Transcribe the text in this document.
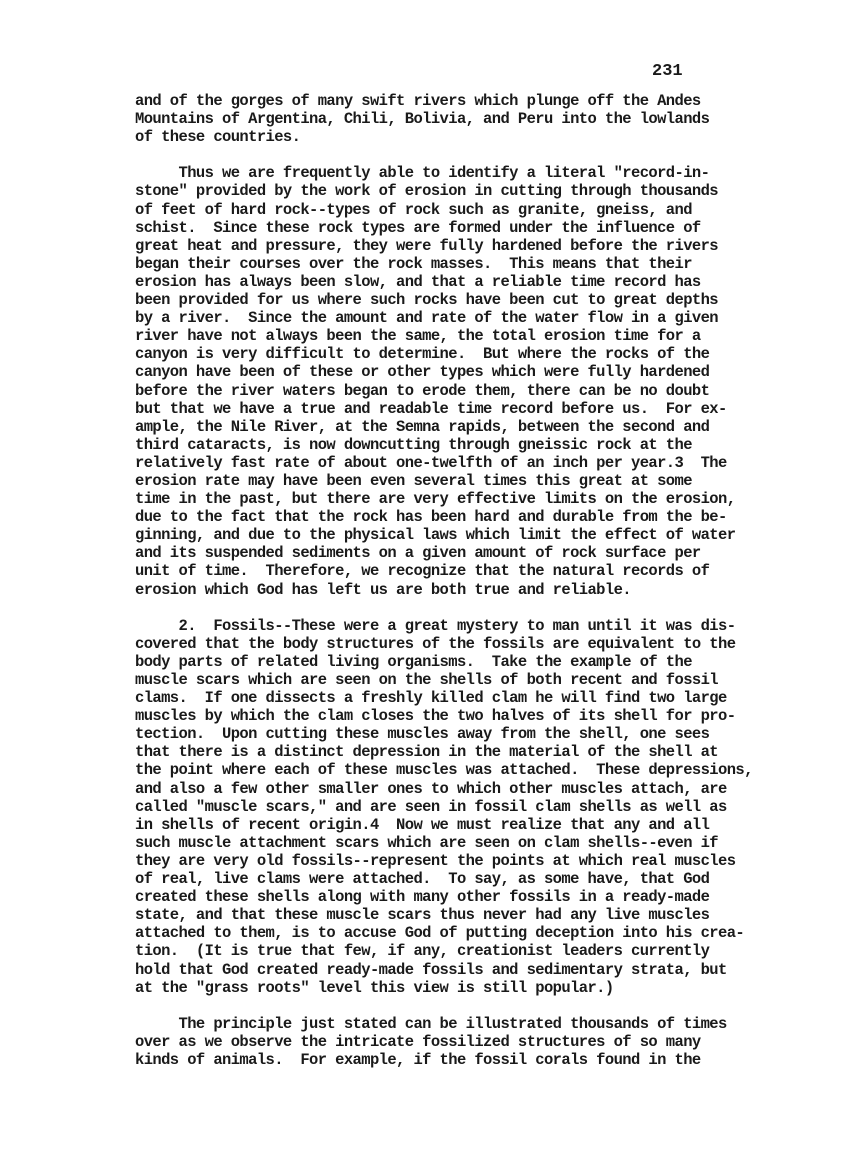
231
and of the gorges of many swift rivers which plunge off the Andes
Mountains of Argentina, Chili, Bolivia, and Peru into the lowlands
of these countries.
Thus we are frequently able to identify a literal "record-in-
stone" provided by the work of erosion in cutting through thousands
of feet of hard rock--types of rock such as granite, gneiss, and
schist.  Since these rock types are formed under the influence of
great heat and pressure, they were fully hardened before the rivers
began their courses over the rock masses.  This means that their
erosion has always been slow, and that a reliable time record has
been provided for us where such rocks have been cut to great depths
by a river.  Since the amount and rate of the water flow in a given
river have not always been the same, the total erosion time for a
canyon is very difficult to determine.  But where the rocks of the
canyon have been of these or other types which were fully hardened
before the river waters began to erode them, there can be no doubt
but that we have a true and readable time record before us.  For ex-
ample, the Nile River, at the Semna rapids, between the second and
third cataracts, is now downcutting through gneissic rock at the
relatively fast rate of about one-twelfth of an inch per year.3  The
erosion rate may have been even several times this great at some
time in the past, but there are very effective limits on the erosion,
due to the fact that the rock has been hard and durable from the be-
ginning, and due to the physical laws which limit the effect of water
and its suspended sediments on a given amount of rock surface per
unit of time.  Therefore, we recognize that the natural records of
erosion which God has left us are both true and reliable.
2.  Fossils--These were a great mystery to man until it was dis-
covered that the body structures of the fossils are equivalent to the
body parts of related living organisms.  Take the example of the
muscle scars which are seen on the shells of both recent and fossil
clams.  If one dissects a freshly killed clam he will find two large
muscles by which the clam closes the two halves of its shell for pro-
tection.  Upon cutting these muscles away from the shell, one sees
that there is a distinct depression in the material of the shell at
the point where each of these muscles was attached.  These depressions,
and also a few other smaller ones to which other muscles attach, are
called "muscle scars," and are seen in fossil clam shells as well as
in shells of recent origin.4  Now we must realize that any and all
such muscle attachment scars which are seen on clam shells--even if
they are very old fossils--represent the points at which real muscles
of real, live clams were attached.  To say, as some have, that God
created these shells along with many other fossils in a ready-made
state, and that these muscle scars thus never had any live muscles
attached to them, is to accuse God of putting deception into his crea-
tion.  (It is true that few, if any, creationist leaders currently
hold that God created ready-made fossils and sedimentary strata, but
at the "grass roots" level this view is still popular.)
The principle just stated can be illustrated thousands of times
over as we observe the intricate fossilized structures of so many
kinds of animals.  For example, if the fossil corals found in the
